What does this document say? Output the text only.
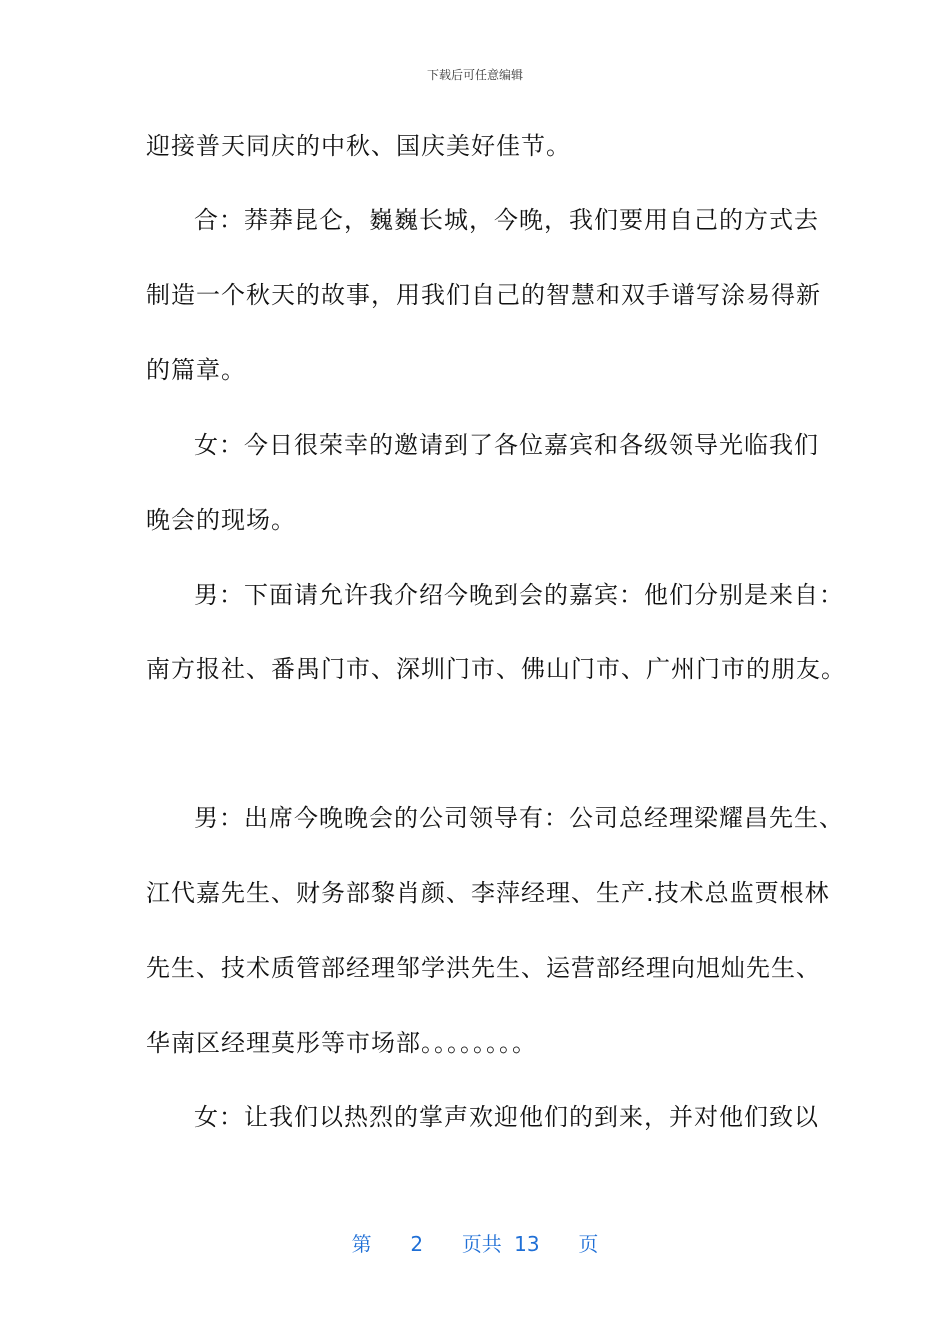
下载后可任意编辑
迎接普天同庆的中秋、国庆美好佳节。
合：莽莽昆仑，巍巍长城，今晚，我们要用自己的方式去
制造一个秋天的故事，用我们自己的智慧和双手谱写涂易得新
的篇章。
女：今日很荣幸的邀请到了各位嘉宾和各级领导光临我们
晚会的现场。
男：下面请允许我介绍今晚到会的嘉宾：他们分别是来自：
南方报社、番禺门市、深圳门市、佛山门市、广州门市的朋友。
男：出席今晚晚会的公司领导有：公司总经理梁耀昌先生、
江代嘉先生、财务部黎肖颜、李萍经理、生产.技术总监贾根林
先生、技术质管部经理邹学洪先生、运营部经理向旭灿先生、
华南区经理莫彤等市场部。。。。。。。。
女：让我们以热烈的掌声欢迎他们的到来，并对他们致以
第 2 页共 13 页
